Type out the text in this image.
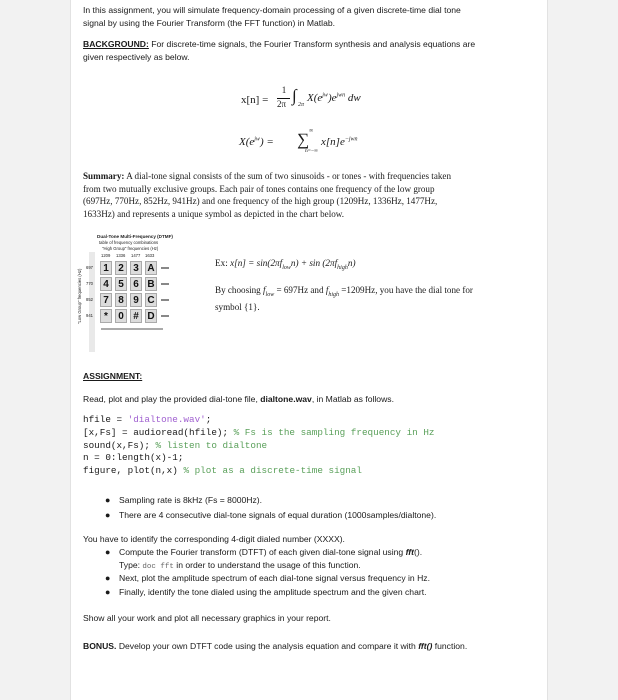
In this assignment, you will simulate frequency-domain processing of a given discrete-time dial tone
signal by using the Fourier Transform (the FFT function) in Matlab.
BACKGROUND: For discrete-time signals, the Fourier Transform synthesis and analysis equations are
given respectively as below.
x[n] =
1
2π ∫ 2π
$X(e^{jw})e^{jwn}$ dw
$X(e^{jw})$ = ∑ ∞
n=−∞
$x[n]e^{-jwn}$
Summary: A dial-tone signal consists of the sum of two sinusoids - or tones - with frequencies taken
from two mutually exclusive groups. Each pair of tones contains one frequency of the low group
(697Hz, 770Hz, 852Hz, 941Hz) and one frequency of the high group (1209Hz, 1336Hz, 1477Hz,
1633Hz) and represents a unique symbol as depicted in the chart below.
Dual-Tone Multi-Frequency (DTMF)
table of frequency combinations
"High Group" frequencies (Hz)
1209 1336 1477 1633
"Low Group" frequencies (Hz)
697
770
852
941
1 2 3 A
4 5 6 B
7 8 9 C
*	0 # D
Ex: $x[n] = \sin(2\pi f_{low}n) + \sin (2\pi f_{high}n)$
By choosing $f_{low} = 697Hz$ and $f_{high} =1209Hz$, you have the dial tone for
symbol {1}.
ASSIGNMENT:
Read, plot and play the provided dial-tone file, dialtone.wav, in Matlab as follows.
hfile = 'dialtone.wav';
[x,Fs] = audioread(hfile); % Fs is the sampling frequency in Hz
sound(x,Fs); % listen to dialtone
n = 0:length(x)-1;
figure, plot(n,x) % plot as a discrete-time signal
● Sampling rate is 8kHz (Fs = 8000Hz).
● There are 4 consecutive dial-tone signals of equal duration (1000samples/dialtone).
You have to identify the corresponding 4-digit dialed number (XXXX).
● Compute the Fourier transform (DTFT) of each given dial-tone signal using fft().
Type: doc fft in order to understand the usage of this function.
● Next, plot the amplitude spectrum of each dial-tone signal versus frequency in Hz.
● Finally, identify the tone dialed using the amplitude spectrum and the given chart.
Show all your work and plot all necessary graphics in your report.
BONUS. Develop your own DTFT code using the analysis equation and compare it with fft() function.
